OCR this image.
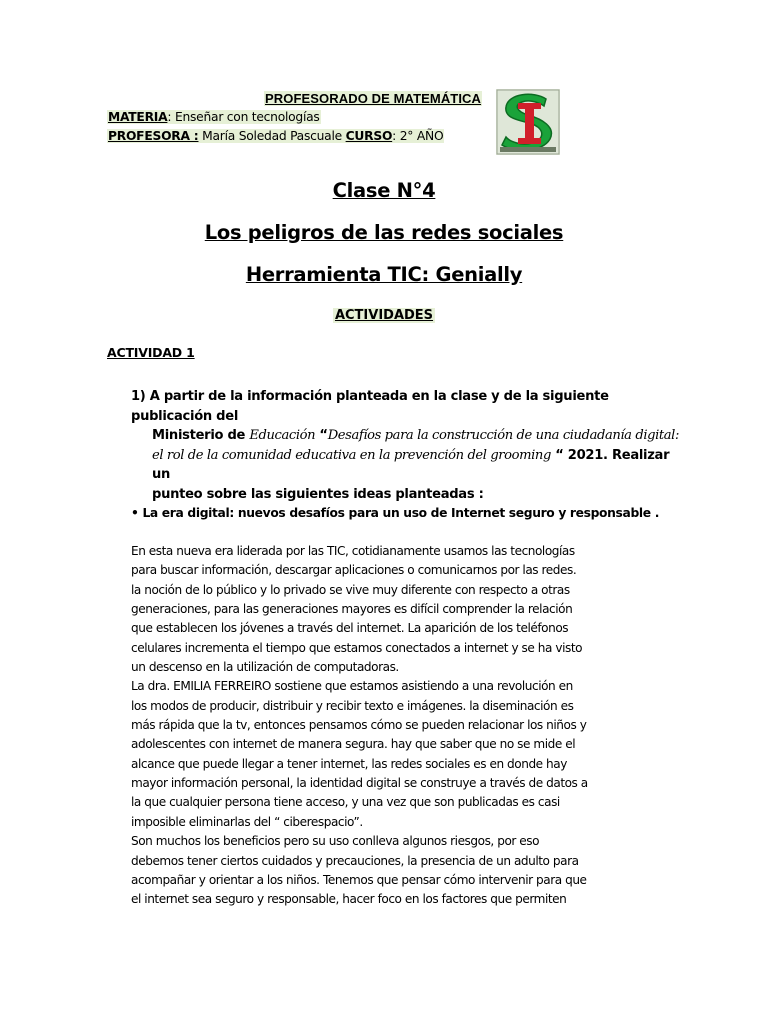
PROFESORADO DE MATEMÁTICA
MATERIA: Enseñar con tecnologías
PROFESORA : María Soledad Pascuale CURSO: 2° AÑO
Clase N°4
Los peligros de las redes sociales
Herramienta TIC: Genially
ACTIVIDADES
ACTIVIDAD 1
1) A partir de la información planteada en la clase y de la siguiente publicación del
Ministerio de Educación “Desafíos para la construcción de una ciudadanía digital:
el rol de la comunidad educativa en la prevención del grooming “ 2021. Realizar un
punteo sobre las siguientes ideas planteadas :
• La era digital: nuevos desafíos para un uso de Internet seguro y responsable .
En esta nueva era liderada por las TIC, cotidianamente usamos las tecnologías
para buscar información, descargar aplicaciones o comunicarnos por las redes.
la noción de lo público y lo privado se vive muy diferente con respecto a otras
generaciones, para las generaciones mayores es difícil comprender la relación
que establecen los jóvenes a través del internet. La aparición de los teléfonos
celulares incrementa el tiempo que estamos conectados a internet y se ha visto
un descenso en la utilización de computadoras.
La dra. EMILIA FERREIRO sostiene que estamos asistiendo a una revolución en
los modos de producir, distribuir y recibir texto e imágenes. la diseminación es
más rápida que la tv, entonces pensamos cómo se pueden relacionar los niños y
adolescentes con internet de manera segura. hay que saber que no se mide el
alcance que puede llegar a tener internet, las redes sociales es en donde hay
mayor información personal, la identidad digital se construye a través de datos a
la que cualquier persona tiene acceso, y una vez que son publicadas es casi
imposible eliminarlas del “ ciberespacio”.
Son muchos los beneficios pero su uso conlleva algunos riesgos, por eso
debemos tener ciertos cuidados y precauciones, la presencia de un adulto para
acompañar y orientar a los niños. Tenemos que pensar cómo intervenir para que
el internet sea seguro y responsable, hacer foco en los factores que permiten
